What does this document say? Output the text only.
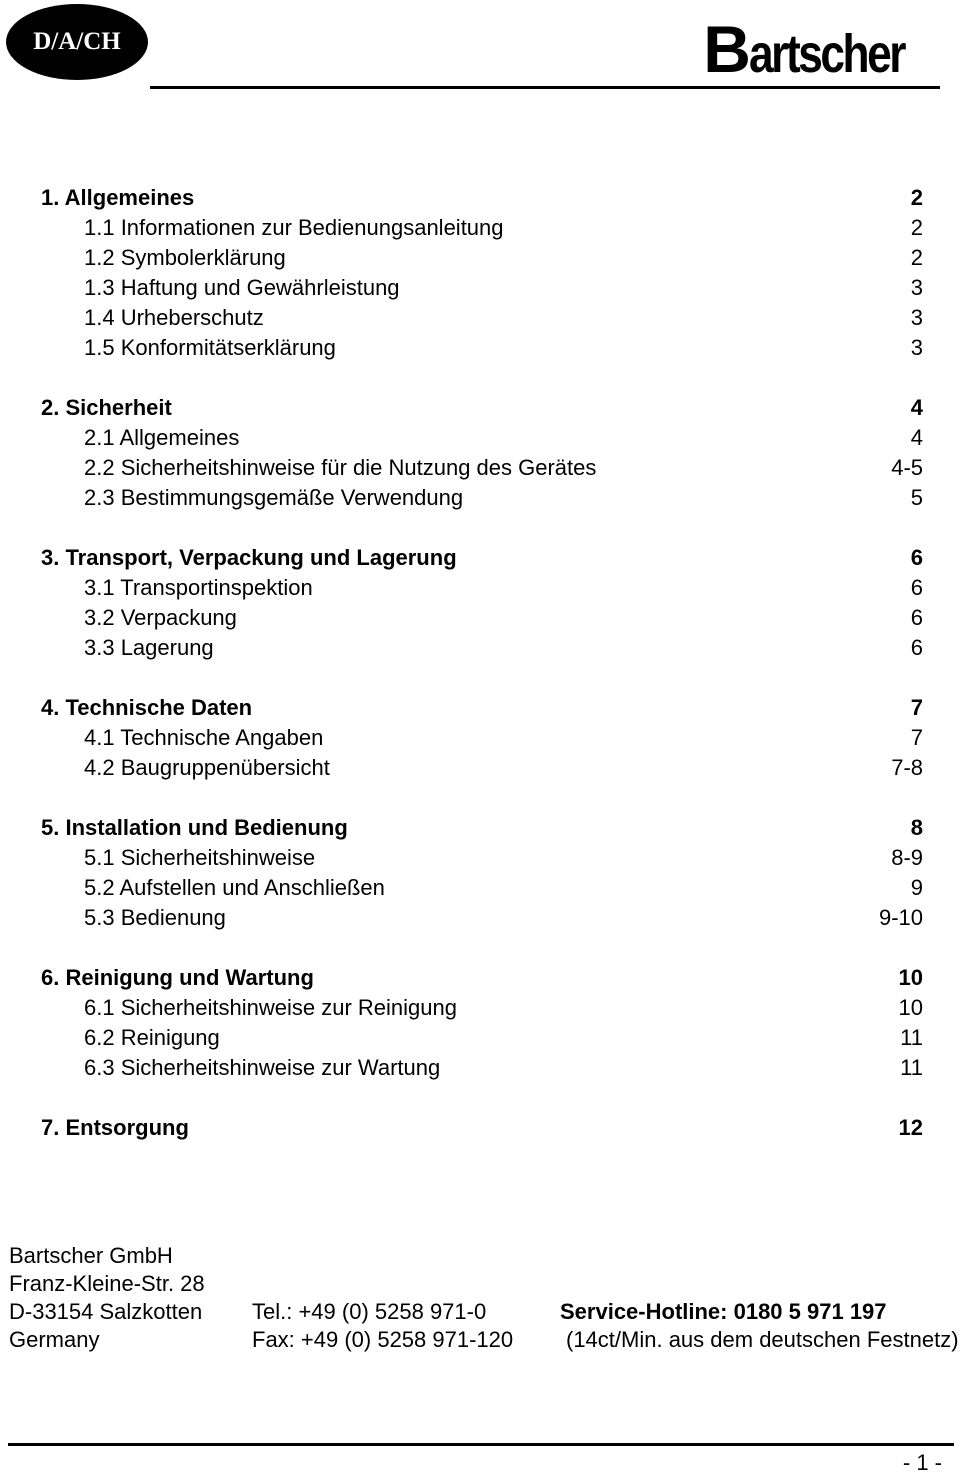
D/A/CH	B artscher
1. Allgemeines	2
1.1 Informationen zur Bedienungsanleitung	2
1.2 Symbolerklärung	2
1.3 Haftung und Gewährleistung	3
1.4 Urheberschutz	3
1.5 Konformitätserklärung	3
2. Sicherheit	4
2.1 Allgemeines	4
2.2 Sicherheitshinweise für die Nutzung des Gerätes	4-5
2.3 Bestimmungsgemäße Verwendung	5
3. Transport, Verpackung und Lagerung	6
3.1 Transportinspektion	6
3.2 Verpackung	6
3.3 Lagerung	6
4. Technische Daten	7
4.1 Technische Angaben	7
4.2 Baugruppenübersicht	7-8
5. Installation und Bedienung	8
5.1 Sicherheitshinweise	8-9
5.2 Aufstellen und Anschließen	9
5.3 Bedienung	9-10
6. Reinigung und Wartung	10
6.1 Sicherheitshinweise zur Reinigung	10
6.2 Reinigung	11
6.3 Sicherheitshinweise zur Wartung	11
7. Entsorgung	12
Bartscher GmbH
Franz-Kleine-Str. 28
D-33154 Salzkotten Tel.: +49 (0) 5258 971-0	Service-Hotline: 0180 5 971 197
Germany	Fax: +49 (0) 5258 971-120 (14ct/Min. aus dem deutschen Festnetz)
- 1 -
